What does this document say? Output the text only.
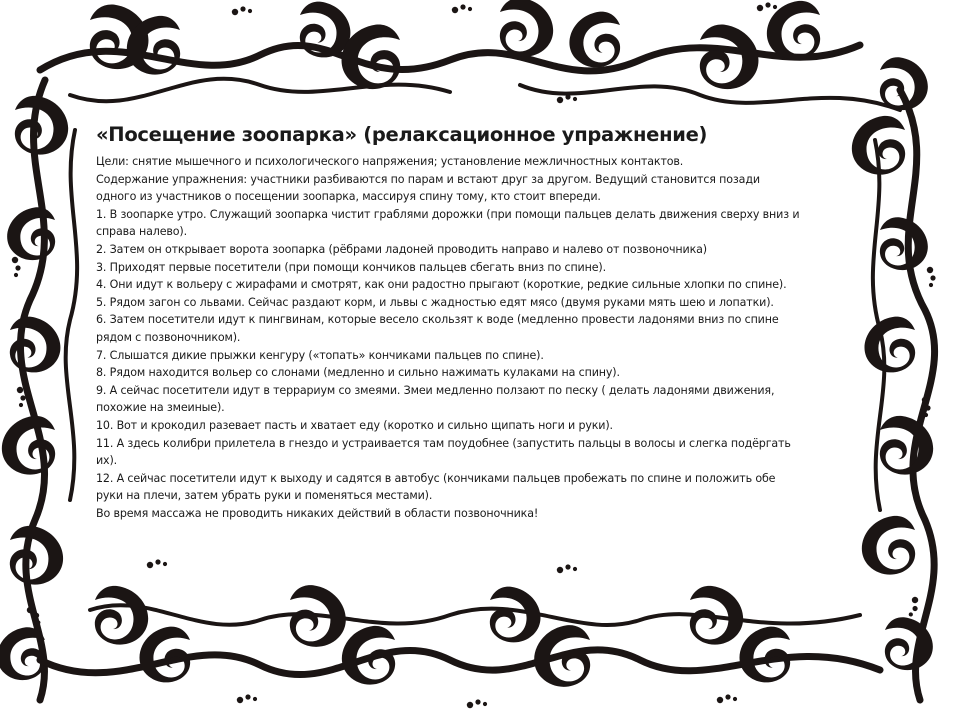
«Посещение зоопарка» (релаксационное упражнение)

Цели: снятие мышечного и психологического напряжения; установление межличностных контактов.

Содержание упражнения: участники разбиваются по парам и встают друг за другом. Ведущий становится позади

одного из участников о посещении зоопарка, массируя спину тому, кто стоит впереди.

1. В зоопарке утро. Служащий зоопарка чистит граблями дорожки (при помощи пальцев делать движения сверху вниз и

справа налево).

2. Затем он открывает ворота зоопарка (рёбрами ладоней проводить направо и налево от позвоночника)

3. Приходят первые посетители (при помощи кончиков пальцев сбегать вниз по спине).

4. Они идут к вольеру с жирафами и смотрят, как они радостно прыгают (короткие, редкие сильные хлопки по спине).

5. Рядом загон со львами. Сейчас раздают корм, и львы с жадностью едят мясо (двумя руками мять шею и лопатки).

6. Затем посетители идут к пингвинам, которые весело скользят к воде (медленно провести ладонями вниз по спине

рядом с позвоночником).

7. Слышатся дикие прыжки кенгуру («топать» кончиками пальцев по спине).

8. Рядом находится вольер со слонами (медленно и сильно нажимать кулаками на спину).

9. А сейчас посетители идут в террариум со змеями. Змеи медленно ползают по песку ( делать ладонями движения,

похожие на змеиные).

10. Вот и крокодил разевает пасть и хватает еду (коротко и сильно щипать ноги и руки).

11. А здесь колибри прилетела в гнездо и устраивается там поудобнее (запустить пальцы в волосы и слегка подёргать

их).

12. А сейчас посетители идут к выходу и садятся в автобус (кончиками пальцев пробежать по спине и положить обе

руки на плечи, затем убрать руки и поменяться местами).

Во время массажа не проводить никаких действий в области позвоночника!
